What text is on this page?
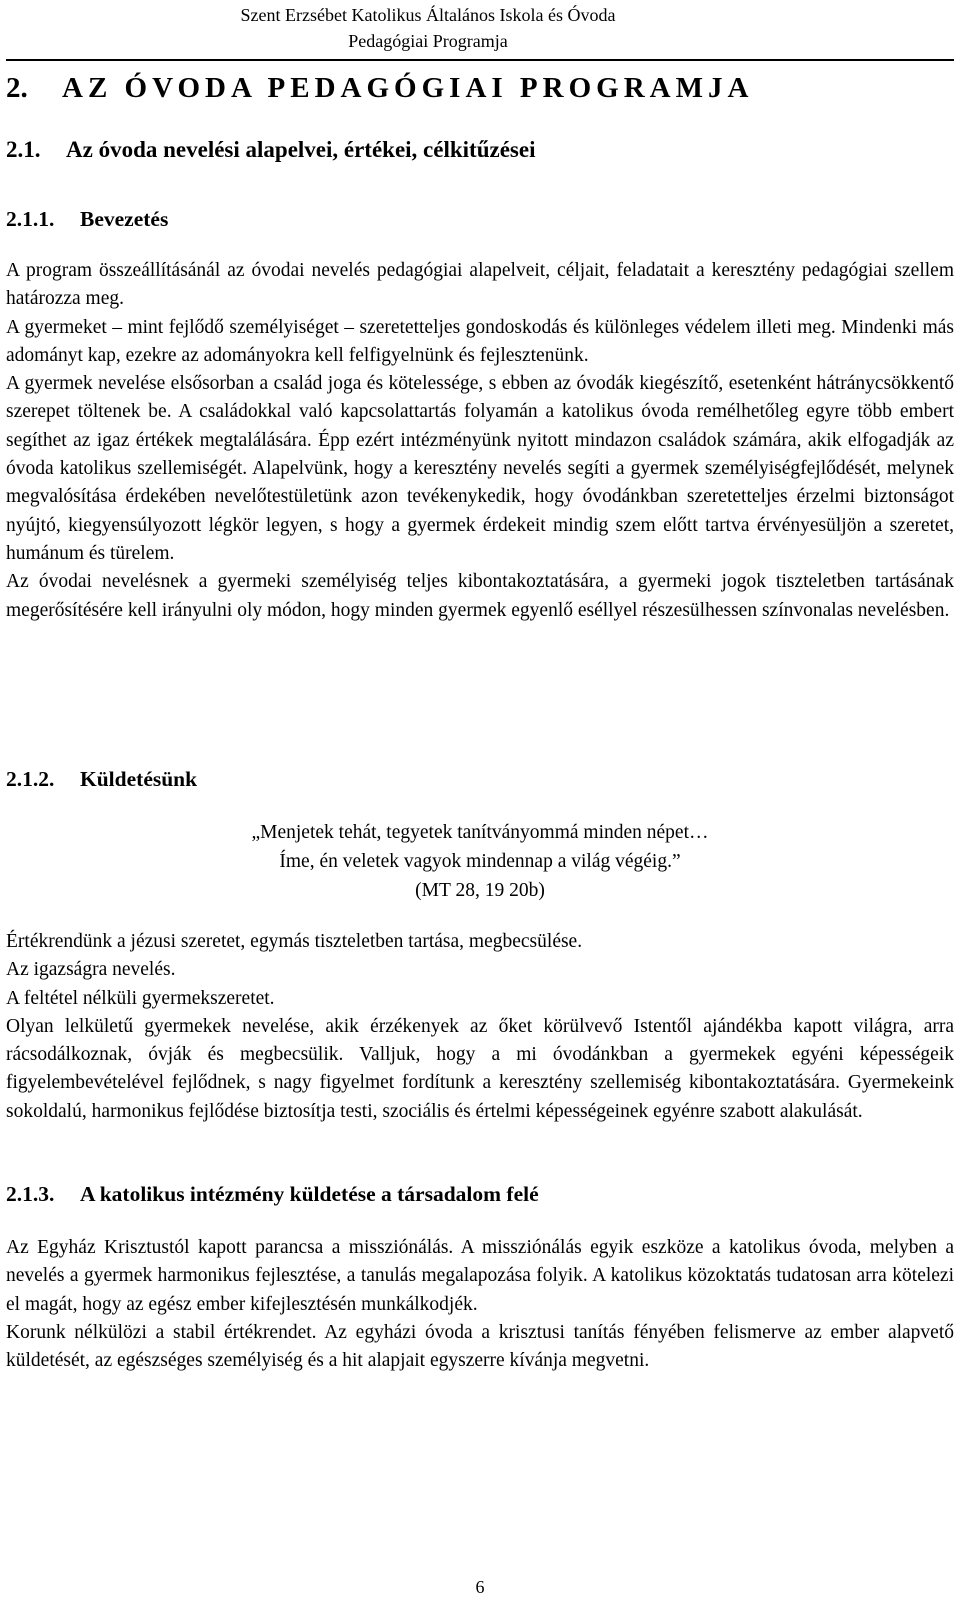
Szent Erzsébet Katolikus Általános Iskola és Óvoda
Pedagógiai Programja
2. AZ ÓVODA PEDAGÓGIAI PROGRAMJA
2.1. Az óvoda nevelési alapelvei, értékei, célkitűzései
2.1.1. Bevezetés

A program összeállításánál az óvodai nevelés pedagógiai alapelveit, céljait, feladatait a keresztény pedagógiai szellem határozza meg.

A gyermeket – mint fejlődő személyiséget – szeretetteljes gondoskodás és különleges védelem illeti meg. Mindenki más adományt kap, ezekre az adományokra kell felfigyelnünk és fejlesztenünk.

A gyermek nevelése elsősorban a család joga és kötelessége, s ebben az óvodák kiegészítő, esetenként hátránycsökkentő szerepet töltenek be. A családokkal való kapcsolattartás folyamán a katolikus óvoda remélhetőleg egyre több embert segíthet az igaz értékek megtalálására. Épp ezért intézményünk nyitott mindazon családok számára, akik elfogadják az óvoda katolikus szellemiségét. Alapelvünk, hogy a keresztény nevelés segíti a gyermek személyiségfejlődését, melynek megvalósítása érdekében nevelőtestületünk azon tevékenykedik, hogy óvodánkban szeretetteljes érzelmi biztonságot nyújtó, kiegyensúlyozott légkör legyen, s hogy a gyermek érdekeit mindig szem előtt tartva érvényesüljön a szeretet, humánum és türelem.

Az óvodai nevelésnek a gyermeki személyiség teljes kibontakoztatására, a gyermeki jogok tiszteletben tartásának megerősítésére kell irányulni oly módon, hogy minden gyermek egyenlő eséllyel részesülhessen színvonalas nevelésben.

2.1.2. Küldetésünk

„Menjetek tehát, tegyetek tanítványommá minden népet…

Íme, én veletek vagyok mindennap a világ végéig.”

(MT 28, 19 20b)

Értékrendünk a jézusi szeretet, egymás tiszteletben tartása, megbecsülése.

Az igazságra nevelés.

A feltétel nélküli gyermekszeretet.

Olyan lelkületű gyermekek nevelése, akik érzékenyek az őket körülvevő Istentől ajándékba kapott világra, arra rácsodálkoznak, óvják és megbecsülik. Valljuk, hogy a mi óvodánkban a gyermekek egyéni képességeik figyelembevételével fejlődnek, s nagy figyelmet fordítunk a keresztény szellemiség kibontakoztatására. Gyermekeink sokoldalú, harmonikus fejlődése biztosítja testi, szociális és értelmi képességeinek egyénre szabott alakulását.

2.1.3. A katolikus intézmény küldetése a társadalom felé

Az Egyház Krisztustól kapott parancsa a missziónálás. A missziónálás egyik eszköze a katolikus óvoda, melyben a nevelés a gyermek harmonikus fejlesztése, a tanulás megalapozása folyik. A katolikus közoktatás tudatosan arra kötelezi el magát, hogy az egész ember kifejlesztésén munkálkodjék.

Korunk nélkülözi a stabil értékrendet. Az egyházi óvoda a krisztusi tanítás fényében felismerve az ember alapvető küldetését, az egészséges személyiség és a hit alapjait egyszerre kívánja megvetni.

6
